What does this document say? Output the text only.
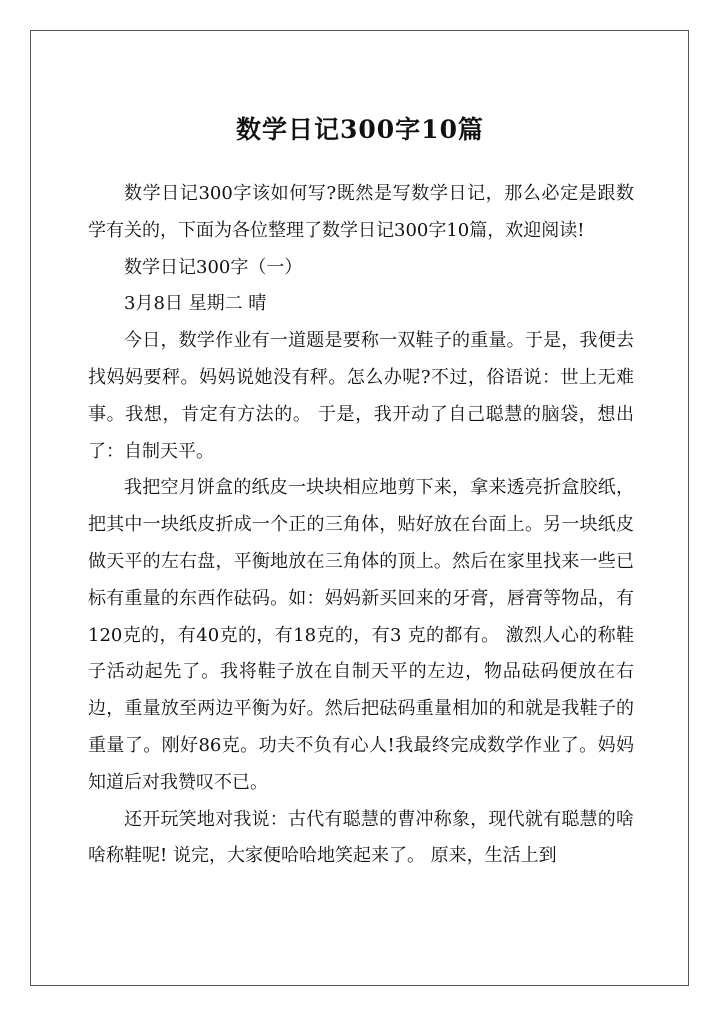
数学日记300字10篇

数学日记300字该如何写?既然是写数学日记，那么必定是跟数学有关的，下面为各位整理了数学日记300字10篇，欢迎阅读!

数学日记300字（一）

3月8日 星期二 晴

今日，数学作业有一道题是要称一双鞋子的重量。于是，我便去找妈妈要秤。妈妈说她没有秤。怎么办呢?不过，俗语说：世上无难事。我想，肯定有方法的。 于是，我开动了自己聪慧的脑袋，想出了：自制天平。

我把空月饼盒的纸皮一块块相应地剪下来，拿来透亮折盒胶纸，把其中一块纸皮折成一个正的三角体，贴好放在台面上。另一块纸皮做天平的左右盘，平衡地放在三角体的顶上。然后在家里找来一些已标有重量的东西作砝码。如：妈妈新买回来的牙膏，唇膏等物品，有120克的，有40克的，有18克的，有3 克的都有。 激烈人心的称鞋子活动起先了。我将鞋子放在自制天平的左边，物品砝码便放在右边，重量放至两边平衡为好。然后把砝码重量相加的和就是我鞋子的重量了。刚好86克。功夫不负有心人!我最终完成数学作业了。妈妈知道后对我赞叹不已。

还开玩笑地对我说：古代有聪慧的曹冲称象，现代就有聪慧的啥啥称鞋呢! 说完，大家便哈哈地笑起来了。 原来，生活上到
